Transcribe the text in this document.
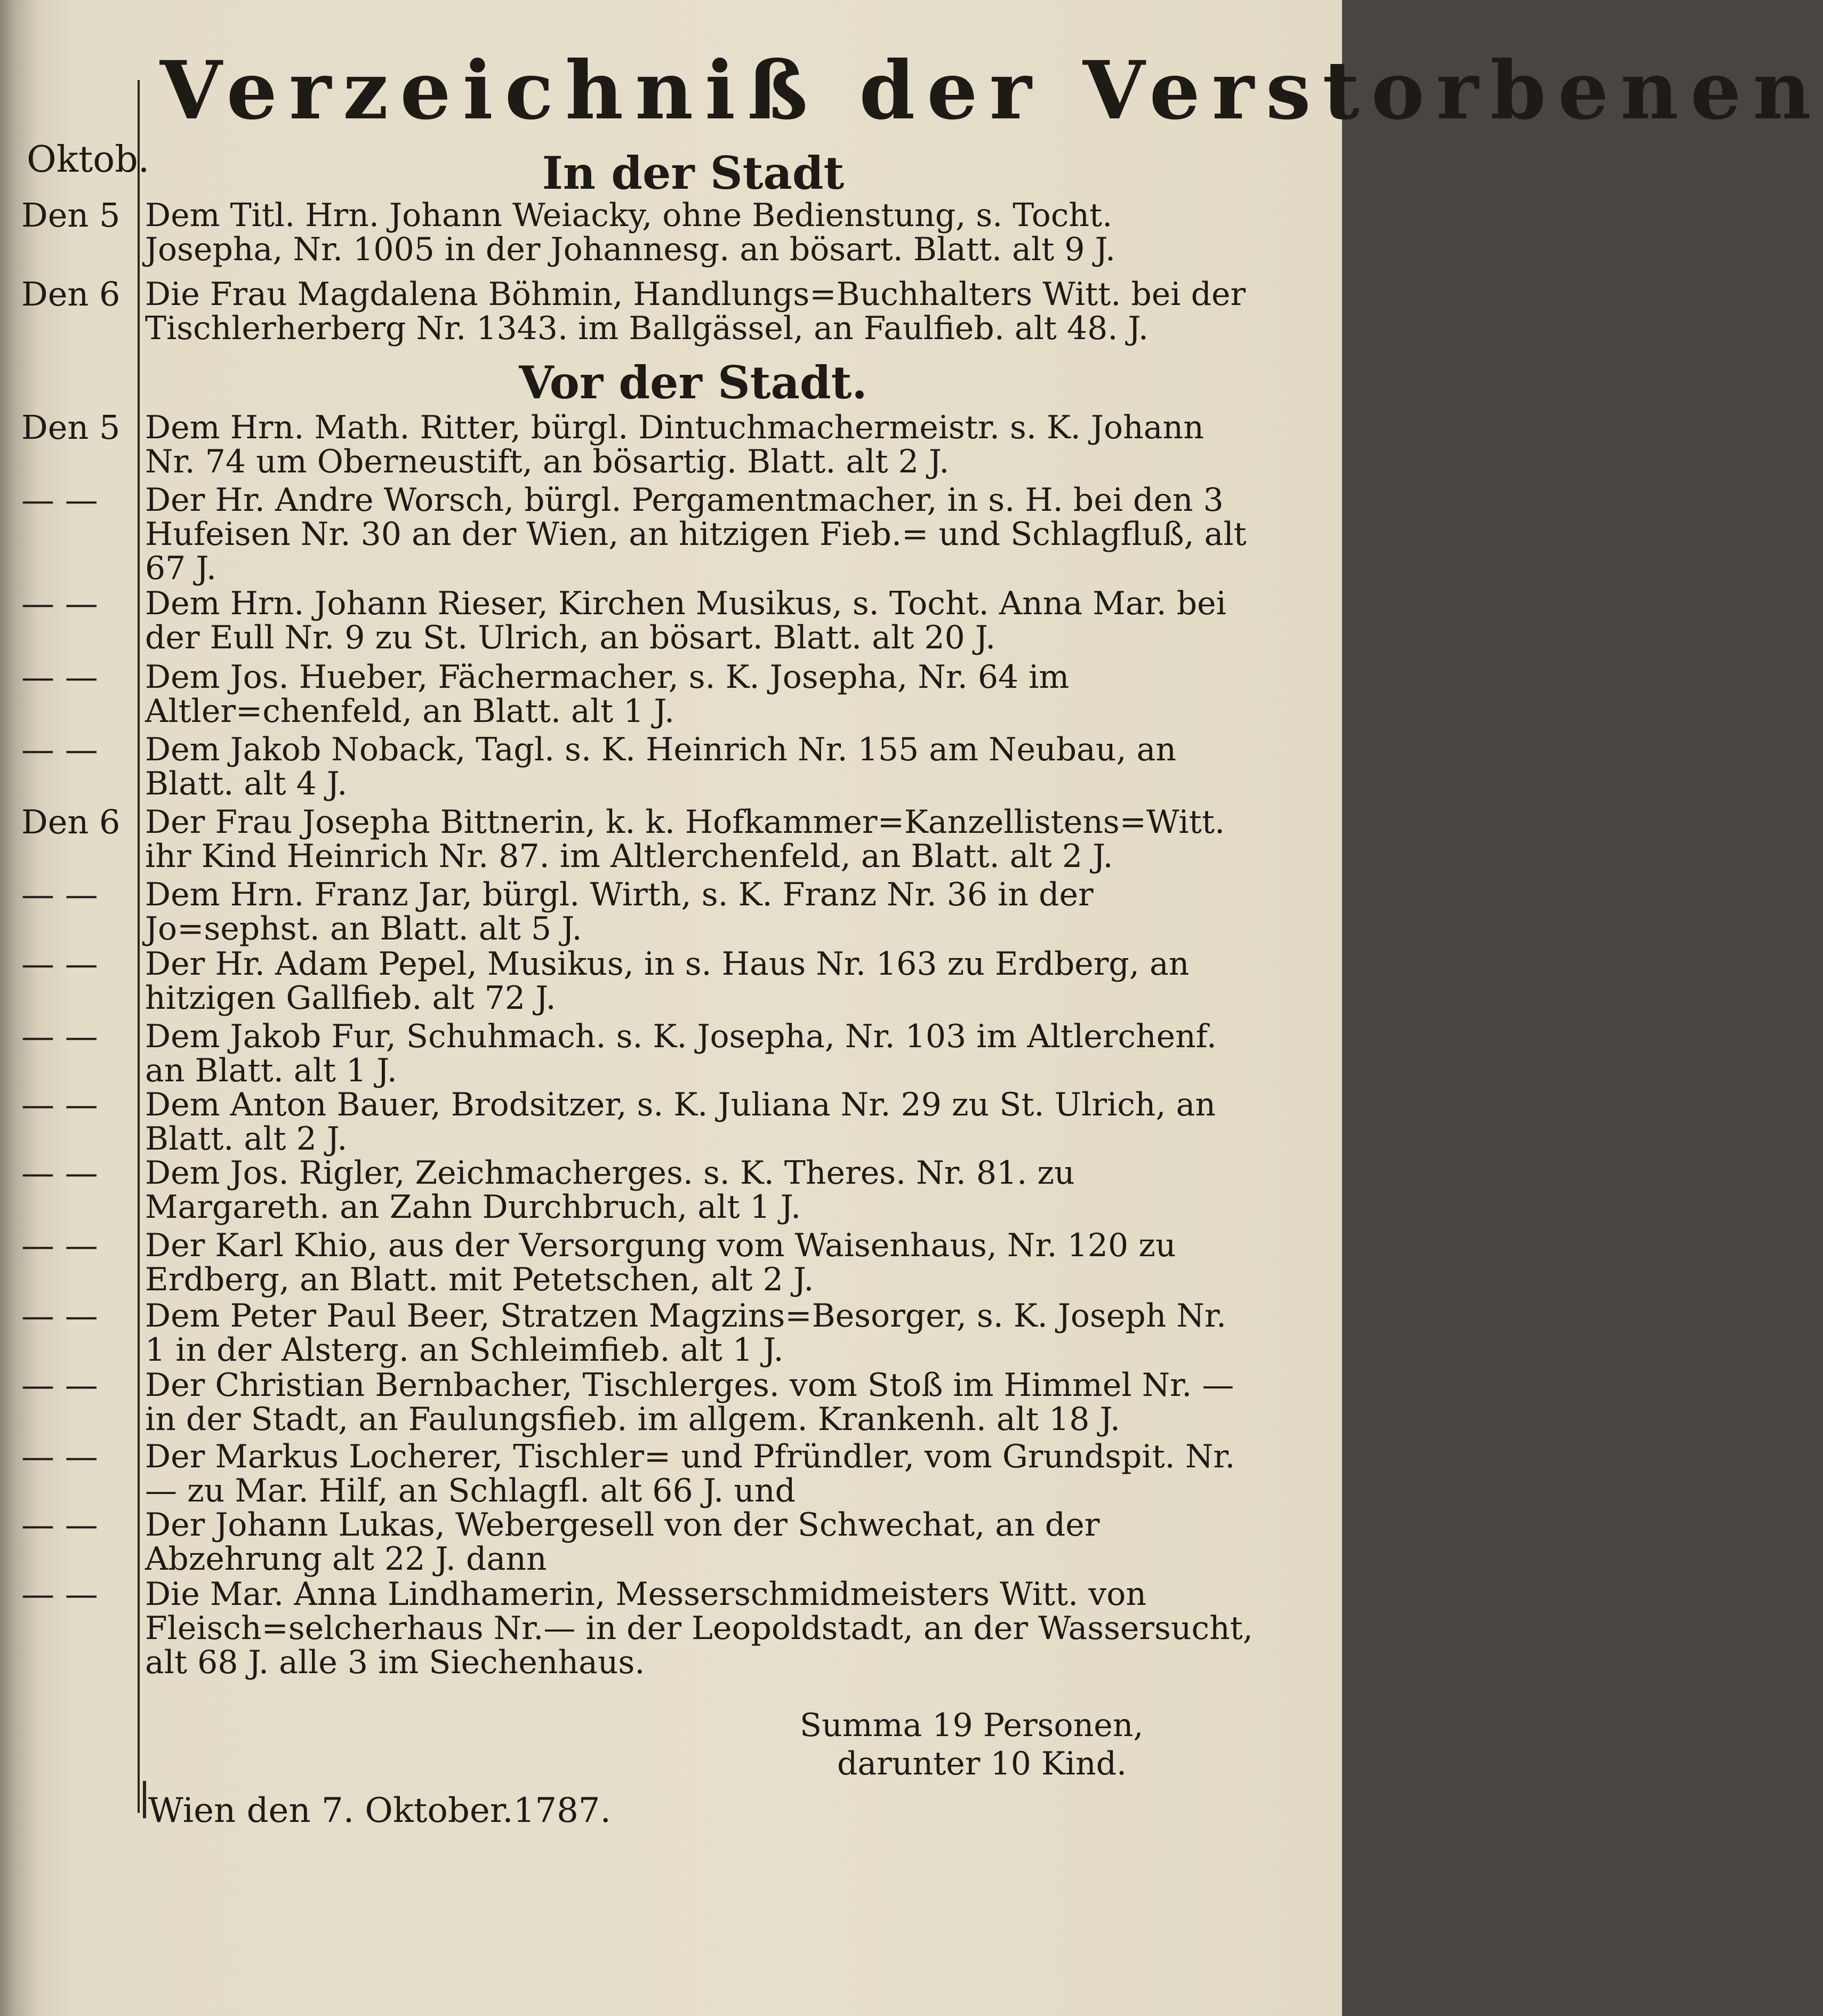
Verzeichniß der Verstorbenen
Oktob.	In der Stadt
Den 5 Dem Titl. Hrn. Johann Weiacky, ohne Bedienstung, s. Tocht. Josepha, Nr. 1005 in der Johannesg. an bösart. Blatt. alt 9 J.
Den 6 Die Frau Magdalena Böhmin, Handlungs=Buchhalters Witt. bei der Tischlerherberg Nr. 1343. im Ballgässel, an Faulfieb. alt 48. J.
Vor der Stadt.
Den 5 Dem Hrn. Math. Ritter, bürgl. Dintuchmachermeistr. s. K. Johann Nr. 74 um Oberneustift, an bösartig. Blatt. alt 2 J.
— —	Der Hr. Andre Worsch, bürgl. Pergamentmacher, in s. H. bei den 3 Hufeisen Nr. 30 an der Wien, an hitzigen Fieb.= und Schlagfluß, alt 67 J.
— —	Dem Hrn. Johann Rieser, Kirchen Musikus, s. Tocht. Anna Mar. bei der Eull Nr. 9 zu St. Ulrich, an bösart. Blatt. alt 20 J.
— —	Dem Jos. Hueber, Fächermacher, s. K. Josepha, Nr. 64 im Altler=chenfeld, an Blatt. alt 1 J.
— —	Dem Jakob Noback, Tagl. s. K. Heinrich Nr. 155 am Neubau, an Blatt. alt 4 J.
Den 6 Der Frau Josepha Bittnerin, k. k. Hofkammer=Kanzellistens=Witt. ihr Kind Heinrich Nr. 87. im Altlerchenfeld, an Blatt. alt 2 J.
— —	Dem Hrn. Franz Jar, bürgl. Wirth, s. K. Franz Nr. 36 in der Jo=sephst. an Blatt. alt 5 J.
— —	Der Hr. Adam Pepel, Musikus, in s. Haus Nr. 163 zu Erdberg, an hitzigen Gallfieb. alt 72 J.
— —	Dem Jakob Fur, Schuhmach. s. K. Josepha, Nr. 103 im Altlerchenf. an Blatt. alt 1 J.
— —	Dem Anton Bauer, Brodsitzer, s. K. Juliana Nr. 29 zu St. Ulrich, an Blatt. alt 2 J.
— —	Dem Jos. Rigler, Zeichmacherges. s. K. Theres. Nr. 81. zu Margareth. an Zahn Durchbruch, alt 1 J.
— —	Der Karl Khio, aus der Versorgung vom Waisenhaus, Nr. 120 zu Erdberg, an Blatt. mit Petetschen, alt 2 J.
— —	Dem Peter Paul Beer, Stratzen Magzins=Besorger, s. K. Joseph Nr. 1 in der Alsterg. an Schleimfieb. alt 1 J.
— —	Der Christian Bernbacher, Tischlerges. vom Stoß im Himmel Nr. — in der Stadt, an Faulungsfieb. im allgem. Krankenh. alt 18 J.
— —	Der Markus Locherer, Tischler= und Pfründler, vom Grundspit. Nr.— zu Mar. Hilf, an Schlagfl. alt 66 J. und
— —	Der Johann Lukas, Webergesell von der Schwechat, an der Abzehrung alt 22 J. dann
— —	Die Mar. Anna Lindhamerin, Messerschmidmeisters Witt. von Fleisch=selcherhaus Nr.— in der Leopoldstadt, an der Wassersucht, alt 68 J. alle 3 im Siechenhaus.
Summa 19 Personen,
darunter 10 Kind.
Wien den 7. Oktober.1787.
